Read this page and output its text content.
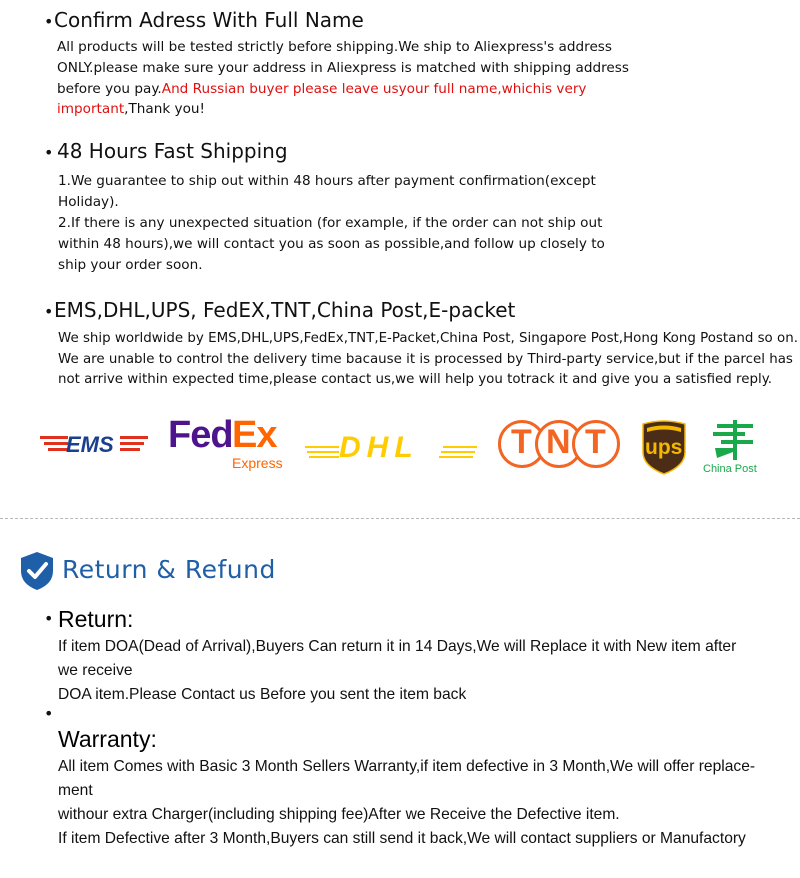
• Confirm Adress With Full Name
All products will be tested strictly before shipping.We ship to Aliexpress's address
ONLY.please make sure your address in Aliexpress is matched with shipping address
before you pay.And Russian buyer please leave usyour full name,whichis very
important,Thank you!
• 48 Hours Fast Shipping
1.We guarantee to ship out within 48 hours after payment confirmation(except
Holiday).
2.If there is any unexpected situation (for example, if the order can not ship out
within 48 hours),we will contact you as soon as possible,and follow up closely to
ship your order soon.
• EMS,DHL,UPS, FedEX,TNT,China Post,E-packet
We ship worldwide by EMS,DHL,UPS,FedEx,TNT,E-Packet,China Post, Singapore Post,Hong Kong Postand so on.
We are unable to control the delivery time bacause it is processed by Third-party service,but if the parcel has
not arrive within expected time,please contact us,we will help you totrack it and give you a satisfied reply.
EMS Fed Ex
Express DHL	T N T ups
China Post
Return & Refund
• Return:
If item DOA(Dead of Arrival),Buyers Can return it in 14 Days,We will Replace it with New item after
we receive
DOA item.Please Contact us Before you sent the item back
•
Warranty:
All item Comes with Basic 3 Month Sellers Warranty,if item defective in 3 Month,We will offer replace-
ment
withour extra Charger(including shipping fee)After we Receive the Defective item.
If item Defective after 3 Month,Buyers can still send it back,We will contact suppliers or Manufactory
